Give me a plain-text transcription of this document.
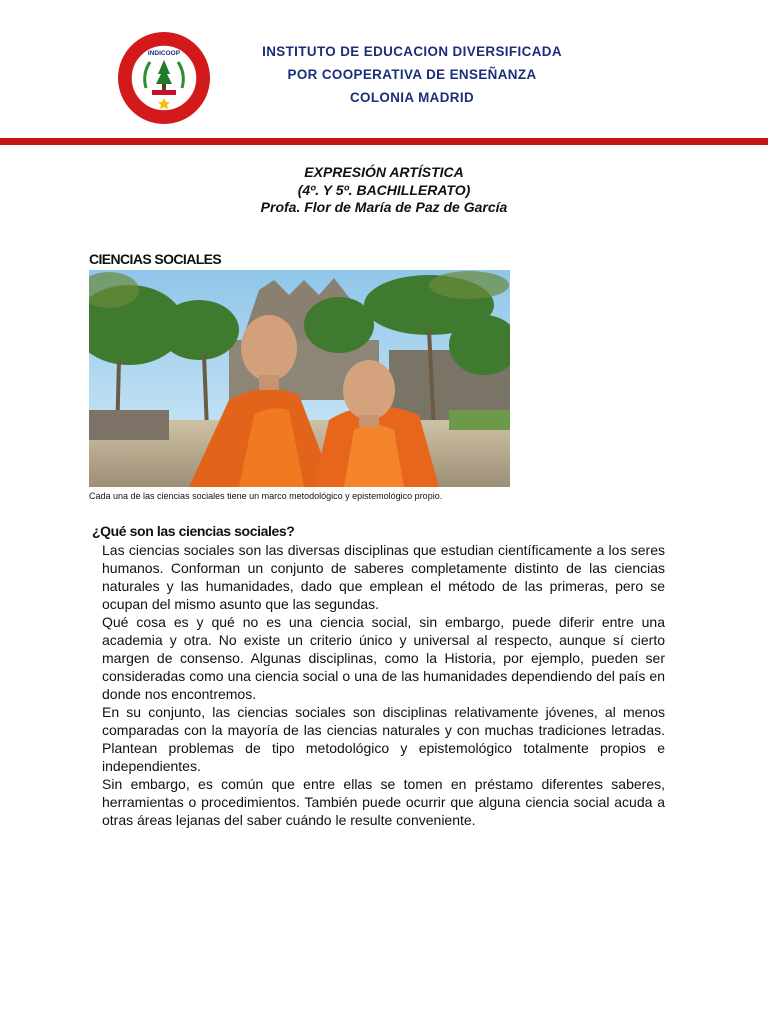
INDICOOP	INSTITUTO DE EDUCACION DIVERSIFICADA
POR COOPERATIVA DE ENSEÑANZA
COLONIA MADRID
EXPRESIÓN ARTÍSTICA
(4º. Y 5º. BACHILLERATO)
Profa. Flor de María de Paz de García
CIENCIAS SOCIALES
Cada una de las ciencias sociales tiene un marco metodológico y epistemológico propio.
¿Qué son las ciencias sociales?

Las ciencias sociales son las diversas disciplinas que estudian científicamente a los seres humanos. Conforman un conjunto de saberes completamente distinto de las ciencias naturales y las humanidades, dado que emplean el método de las primeras, pero se ocupan del mismo asunto que las segundas.

Qué cosa es y qué no es una ciencia social, sin embargo, puede diferir entre una academia y otra. No existe un criterio único y universal al respecto, aunque sí cierto margen de consenso. Algunas disciplinas, como la Historia, por ejemplo, pueden ser consideradas como una ciencia social o una de las humanidades dependiendo del país en donde nos encontremos.

En su conjunto, las ciencias sociales son disciplinas relativamente jóvenes, al menos comparadas con la mayoría de las ciencias naturales y con muchas tradiciones letradas. Plantean problemas de tipo metodológico y epistemológico totalmente propios e independientes.

Sin embargo, es común que entre ellas se tomen en préstamo diferentes saberes, herramientas o procedimientos. También puede ocurrir que alguna ciencia social acuda a otras áreas lejanas del saber cuándo le resulte conveniente.
